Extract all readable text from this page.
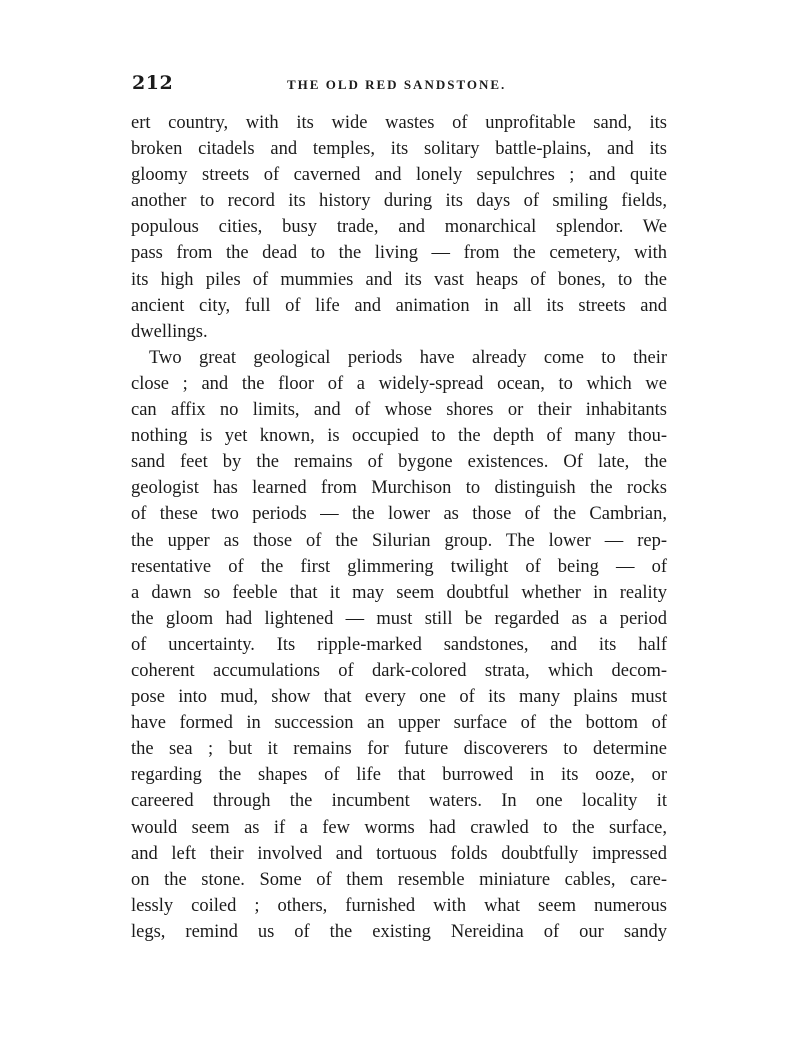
212	THE OLD RED SANDSTONE.
ert country, with its wide wastes of unprofitable sand, its
broken citadels and temples, its solitary battle-plains, and its
gloomy streets of caverned and lonely sepulchres ; and quite
another to record its history during its days of smiling fields,
populous cities, busy trade, and monarchical splendor. We
pass from the dead to the living — from the cemetery, with
its high piles of mummies and its vast heaps of bones, to the
ancient city, full of life and animation in all its streets and
dwellings.
Two great geological periods have already come to their
close ; and the floor of a widely-spread ocean, to which we
can affix no limits, and of whose shores or their inhabitants
nothing is yet known, is occupied to the depth of many thou-
sand feet by the remains of bygone existences. Of late, the
geologist has learned from Murchison to distinguish the rocks
of these two periods — the lower as those of the Cambrian,
the upper as those of the Silurian group. The lower — rep-
resentative of the first glimmering twilight of being — of
a dawn so feeble that it may seem doubtful whether in reality
the gloom had lightened — must still be regarded as a period
of uncertainty. Its ripple-marked sandstones, and its half
coherent accumulations of dark-colored strata, which decom-
pose into mud, show that every one of its many plains must
have formed in succession an upper surface of the bottom of
the sea ; but it remains for future discoverers to determine
regarding the shapes of life that burrowed in its ooze, or
careered through the incumbent waters. In one locality it
would seem as if a few worms had crawled to the surface,
and left their involved and tortuous folds doubtfully impressed
on the stone. Some of them resemble miniature cables, care-
lessly coiled ; others, furnished with what seem numerous
legs, remind us of the existing Nereidina of our sandy
